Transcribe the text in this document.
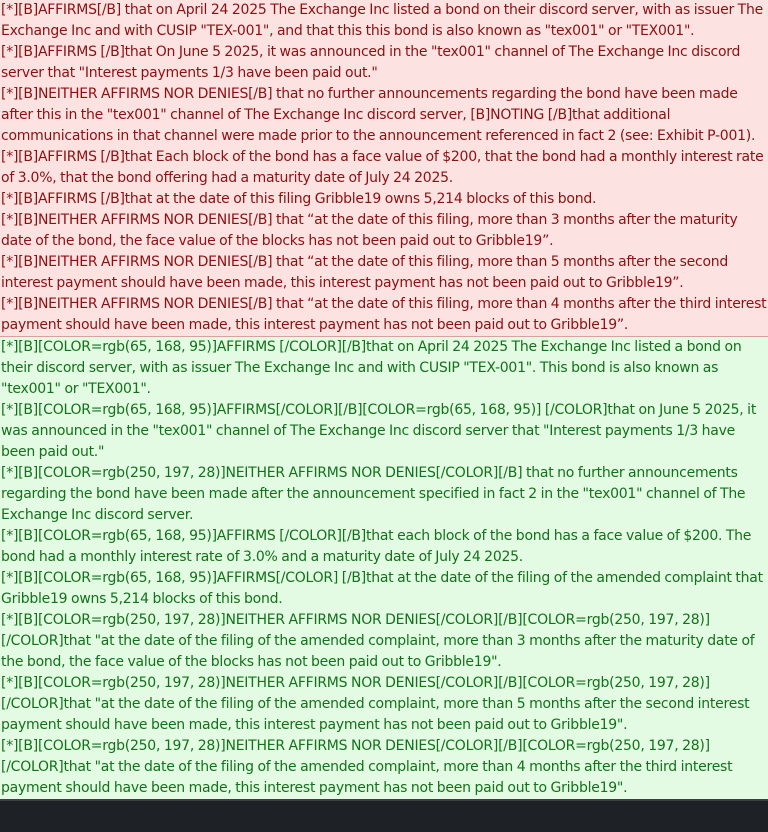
[*][B]AFFIRMS[/B] that on April 24 2025 The Exchange Inc listed a bond on their discord server, with as issuer The Exchange Inc and with CUSIP "TEX-001", and that this this bond is also known as "tex001" or "TEX001".
[*][B]AFFIRMS [/B]that On June 5 2025, it was announced in the "tex001" channel of The Exchange Inc discord server that "Interest payments 1/3 have been paid out."
[*][B]NEITHER AFFIRMS NOR DENIES[/B] that no further announcements regarding the bond have been made after this in the "tex001" channel of The Exchange Inc discord server, [B]NOTING [/B]that additional communications in that channel were made prior to the announcement referenced in fact 2 (see: Exhibit P-001).
[*][B]AFFIRMS [/B]that Each block of the bond has a face value of $200, that the bond had a monthly interest rate of 3.0%, that the bond offering had a maturity date of July 24 2025.
[*][B]AFFIRMS [/B]that at the date of this filing Gribble19 owns 5,214 blocks of this bond.
[*][B]NEITHER AFFIRMS NOR DENIES[/B] that “at the date of this filing, more than 3 months after the maturity date of the bond, the face value of the blocks has not been paid out to Gribble19”.
[*][B]NEITHER AFFIRMS NOR DENIES[/B] that “at the date of this filing, more than 5 months after the second interest payment should have been made, this interest payment has not been paid out to Gribble19”.
[*][B]NEITHER AFFIRMS NOR DENIES[/B] that “at the date of this filing, more than 4 months after the third interest payment should have been made, this interest payment has not been paid out to Gribble19”.
[*][B][COLOR=rgb(65, 168, 95)]AFFIRMS [/COLOR][/B]that on April 24 2025 The Exchange Inc listed a bond on their discord server, with as issuer The Exchange Inc and with CUSIP "TEX-001". This bond is also known as "tex001" or "TEX001".
[*][B][COLOR=rgb(65, 168, 95)]AFFIRMS[/COLOR][/B][COLOR=rgb(65, 168, 95)] [/COLOR]that on June 5 2025, it was announced in the "tex001" channel of The Exchange Inc discord server that "Interest payments 1/3 have been paid out."
[*][B][COLOR=rgb(250, 197, 28)]NEITHER AFFIRMS NOR DENIES[/COLOR][/B] that no further announcements regarding the bond have been made after the announcement specified in fact 2 in the "tex001" channel of The Exchange Inc discord server.
[*][B][COLOR=rgb(65, 168, 95)]AFFIRMS [/COLOR][/B]that each block of the bond has a face value of $200. The bond had a monthly interest rate of 3.0% and a maturity date of July 24 2025.
[*][B][COLOR=rgb(65, 168, 95)]AFFIRMS[/COLOR] [/B]that at the date of the filing of the amended complaint that Gribble19 owns 5,214 blocks of this bond.
[*][B][COLOR=rgb(250, 197, 28)]NEITHER AFFIRMS NOR DENIES[/COLOR][/B][COLOR=rgb(250, 197, 28)] [/COLOR]that "at the date of the filing of the amended complaint, more than 3 months after the maturity date of the bond, the face value of the blocks has not been paid out to Gribble19".
[*][B][COLOR=rgb(250, 197, 28)]NEITHER AFFIRMS NOR DENIES[/COLOR][/B][COLOR=rgb(250, 197, 28)] [/COLOR]that "at the date of the filing of the amended complaint, more than 5 months after the second interest payment should have been made, this interest payment has not been paid out to Gribble19".
[*][B][COLOR=rgb(250, 197, 28)]NEITHER AFFIRMS NOR DENIES[/COLOR][/B][COLOR=rgb(250, 197, 28)] [/COLOR]that "at the date of the filing of the amended complaint, more than 4 months after the third interest payment should have been made, this interest payment has not been paid out to Gribble19".
